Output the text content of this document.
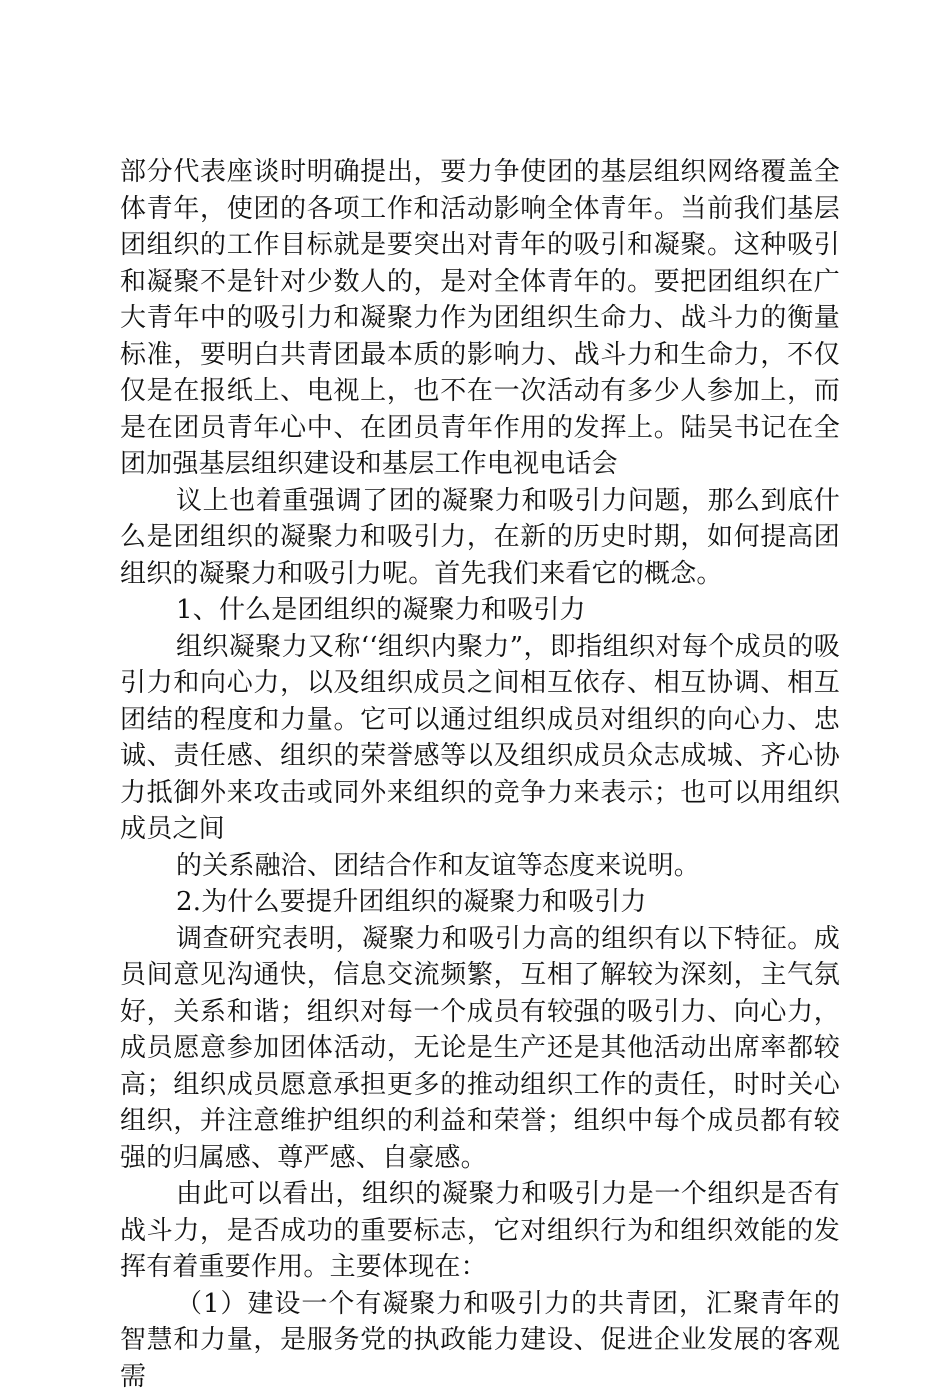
部分代表座谈时明确提出，要力争使团的基层组织网络覆盖全体青年，使团的各项工作和活动影响全体青年。当前我们基层团组织的工作目标就是要突出对青年的吸引和凝聚。这种吸引和凝聚不是针对少数人的，是对全体青年的。要把团组织在广大青年中的吸引力和凝聚力作为团组织生命力、战斗力的衡量标准，要明白共青团最本质的影响力、战斗力和生命力，不仅仅是在报纸上、电视上，也不在一次活动有多少人参加上，而是在团员青年心中、在团员青年作用的发挥上。陆吴书记在全团加强基层组织建设和基层工作电视电话会

议上也着重强调了团的凝聚力和吸引力问题，那么到底什么是团组织的凝聚力和吸引力，在新的历史时期，如何提高团组织的凝聚力和吸引力呢。首先我们来看它的概念。

1、什么是团组织的凝聚力和吸引力

组织凝聚力又称‘‘组织内聚力”，即指组织对每个成员的吸引力和向心力，以及组织成员之间相互依存、相互协调、相互团结的程度和力量。它可以通过组织成员对组织的向心力、忠诚、责任感、组织的荣誉感等以及组织成员众志成城、齐心协力抵御外来攻击或同外来组织的竞争力来表示；也可以用组织成员之间

的关系融洽、团结合作和友谊等态度来说明。

2.为什么要提升团组织的凝聚力和吸引力

调查研究表明，凝聚力和吸引力高的组织有以下特征。成员间意见沟通快，信息交流频繁，互相了解较为深刻，主气氛好，关系和谐；组织对每一个成员有较强的吸引力、向心力，成员愿意参加团体活动，无论是生产还是其他活动出席率都较高；组织成员愿意承担更多的推动组织工作的责任，时时关心组织，并注意维护组织的利益和荣誉；组织中每个成员都有较强的归属感、尊严感、自豪感。

由此可以看出，组织的凝聚力和吸引力是一个组织是否有战斗力，是否成功的重要标志，它对组织行为和组织效能的发挥有着重要作用。主要体现在：

（1）建设一个有凝聚力和吸引力的共青团，汇聚青年的智慧和力量，是服务党的执政能力建设、促进企业发展的客观需
